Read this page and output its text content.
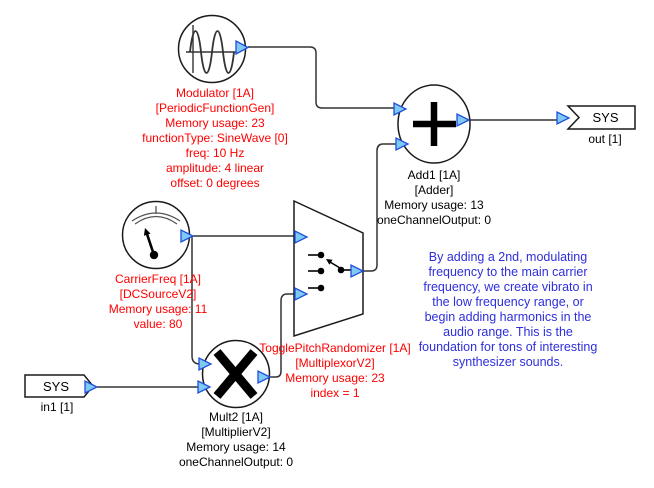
Modulator [1A]
[PeriodicFunctionGen]
Memory usage: 23
functionType: SineWave [0]
freq: 10 Hz
amplitude: 4 linear
offset: 0 degrees
Add1 [1A]
[Adder]
Memory usage: 13
oneChannelOutput: 0
CarrierFreq [1A]
[DCSourceV2]
Memory usage: 11
value: 80
TogglePitchRandomizer [1A]
[MultiplexorV2]
Memory usage: 23
index = 1
Mult2 [1A]
[MultiplierV2]
Memory usage: 14
oneChannelOutput: 0
SYS
in1 [1]
SYS
out [1]
By adding a 2nd, modulating
frequency to the main carrier
frequency, we create vibrato in
the low frequency range, or
begin adding harmonics in the
audio range. This is the
foundation for tons of interesting
synthesizer sounds.
